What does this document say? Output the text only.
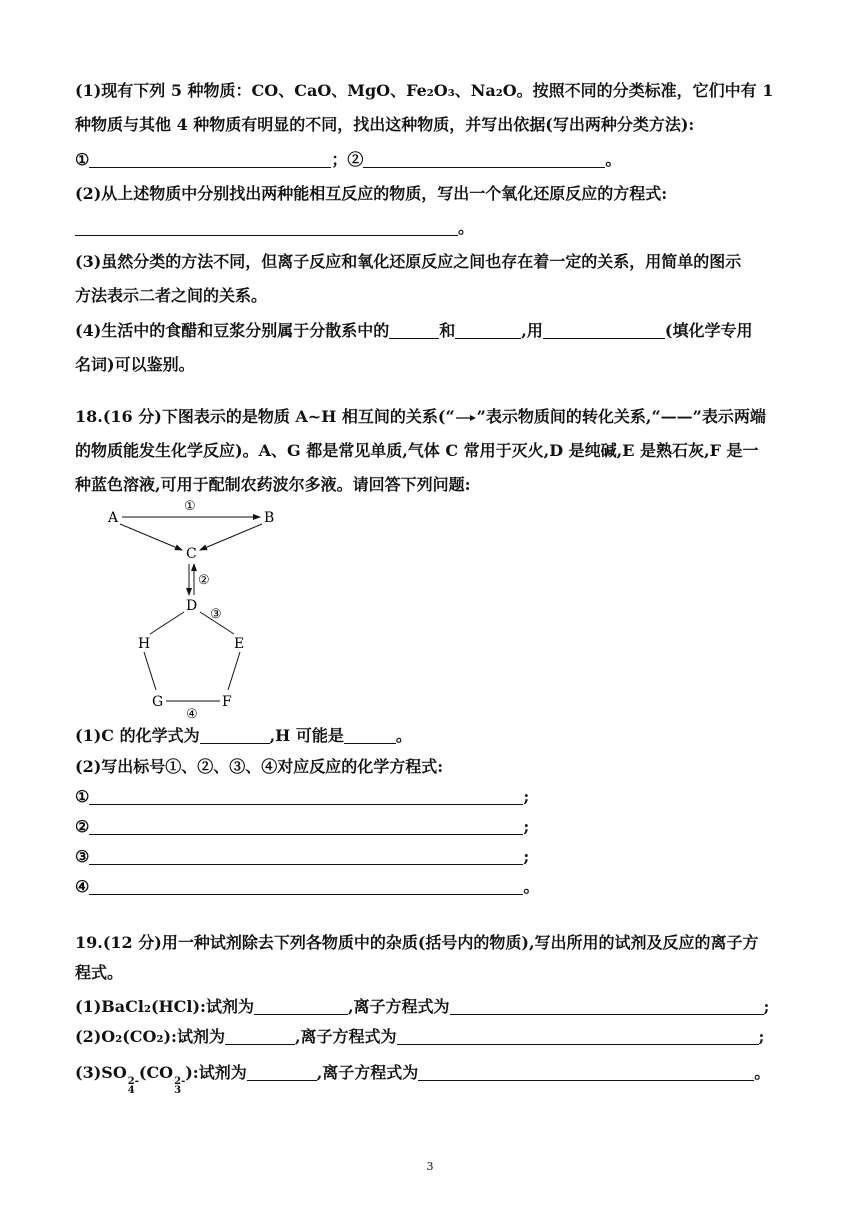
(1)现有下列 5 种物质：CO、CaO、MgO、Fe₂O₃、Na₂O。按照不同的分类标准，它们中有 1
种物质与其他 4 种物质有明显的不同，找出这种物质，并写出依据(写出两种分类方法):
①	；②	。
(2)从上述物质中分别找出两种能相互反应的物质，写出一个氧化还原反应的方程式:
。
(3)虽然分类的方法不同，但离子反应和氧化还原反应之间也存在着一定的关系，用简单的图示
方法表示二者之间的关系。
(4)生活中的食醋和豆浆分别属于分散系中的	和	,用	(填化学专用
名词)可以鉴别。
18.(16 分)下图表示的是物质 A~H 相互间的关系(“ ”表示物质间的转化关系,“——”表示两端
的物质能发生化学反应)。A、G 都是常见单质,气体 C 常用于灭火,D 是纯碱,E 是熟石灰,F 是一
种蓝色溶液,可用于配制农药波尔多液。请回答下列问题:
A	B
C
D
H	E
G	F
①
②
③
④
(1)C 的化学式为	,H 可能是	。
(2)写出标号①、②、③、④对应反应的化学方程式:
①	;
②	;
③	;
④	。
19.(12 分)用一种试剂除去下列各物质中的杂质(括号内的物质),写出所用的试剂及反应的离子方
程式。
(1)BaCl₂(HCl):试剂为	,离子方程式为	;
(2)O₂(CO₂):试剂为	,离子方程式为	;
(3)SO 2-
4
(CO 2-
3
):试剂为	,离子方程式为	。
3
